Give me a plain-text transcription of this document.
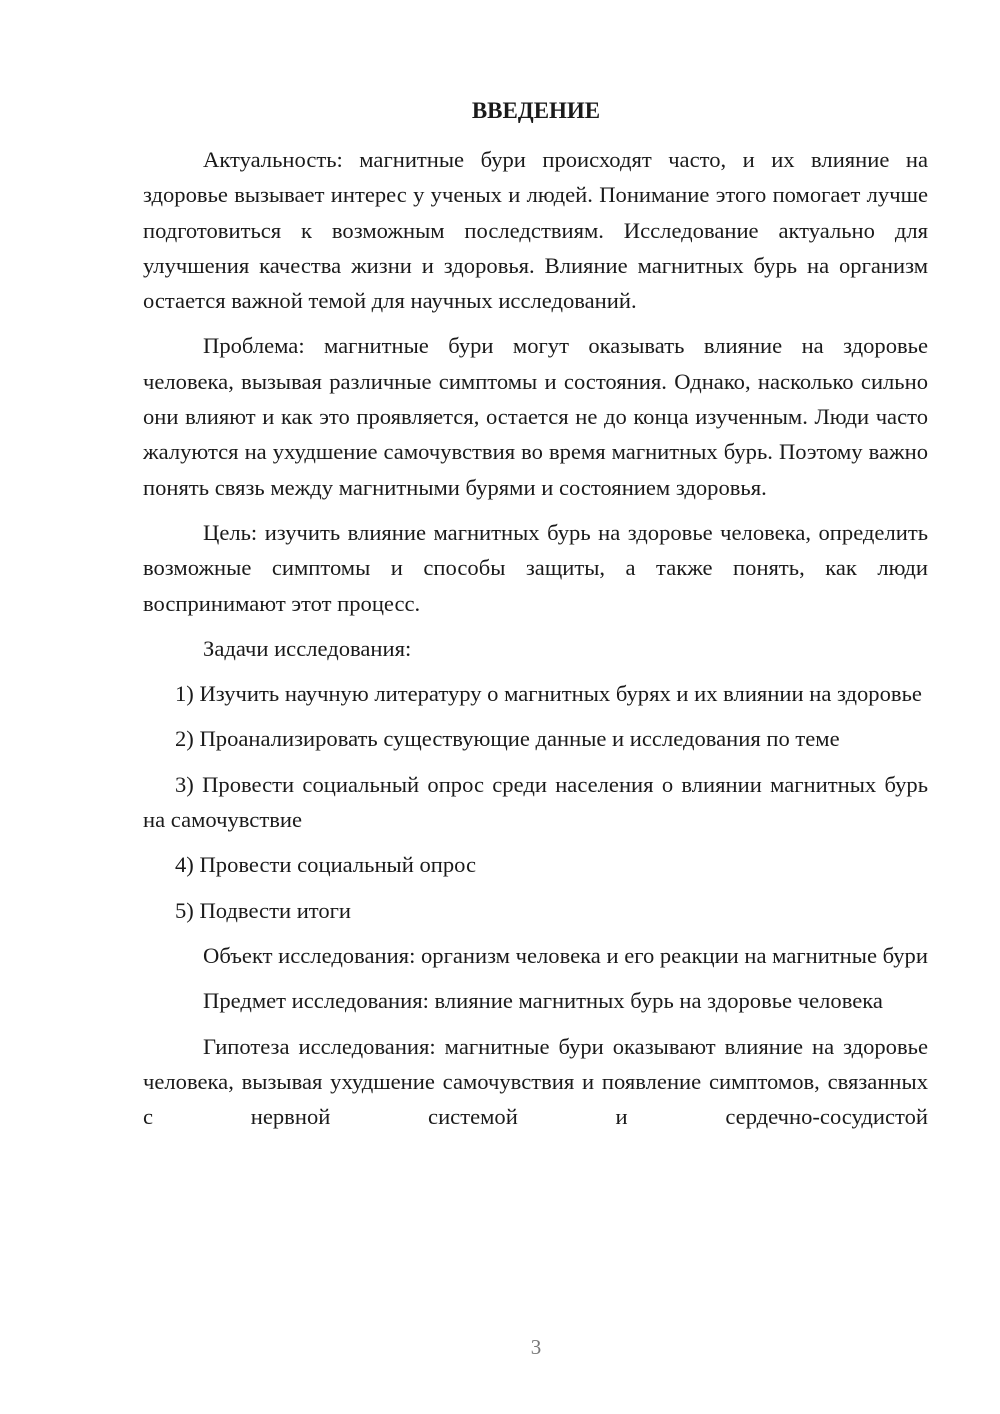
ВВЕДЕНИЕ

Актуальность: магнитные бури происходят часто, и их влияние на здоровье вызывает интерес у ученых и людей. Понимание этого помогает лучше подготовиться к возможным последствиям. Исследование актуально для улучшения качества жизни и здоровья. Влияние магнитных бурь на организм остается важной темой для научных исследований.

Проблема: магнитные бури могут оказывать влияние на здоровье человека, вызывая различные симптомы и состояния. Однако, насколько сильно они влияют и как это проявляется, остается не до конца изученным. Люди часто жалуются на ухудшение самочувствия во время магнитных бурь. Поэтому важно понять связь между магнитными бурями и состоянием здоровья.

Цель: изучить влияние магнитных бурь на здоровье человека, определить возможные симптомы и способы защиты, а также понять, как люди воспринимают этот процесс.

Задачи исследования:

1) Изучить научную литературу о магнитных бурях и их влиянии на здоровье

2) Проанализировать существующие данные и исследования по теме

3) Провести социальный опрос среди населения о влиянии магнитных бурь на самочувствие

4) Провести социальный опрос

5) Подвести итоги

Объект исследования: организм человека и его реакции на магнитные бури

Предмет исследования: влияние магнитных бурь на здоровье человека

Гипотеза исследования: магнитные бури оказывают влияние на здоровье человека, вызывая ухудшение самочувствия и появление симптомов, связанных с нервной системой и сердечно-сосудистой

3
